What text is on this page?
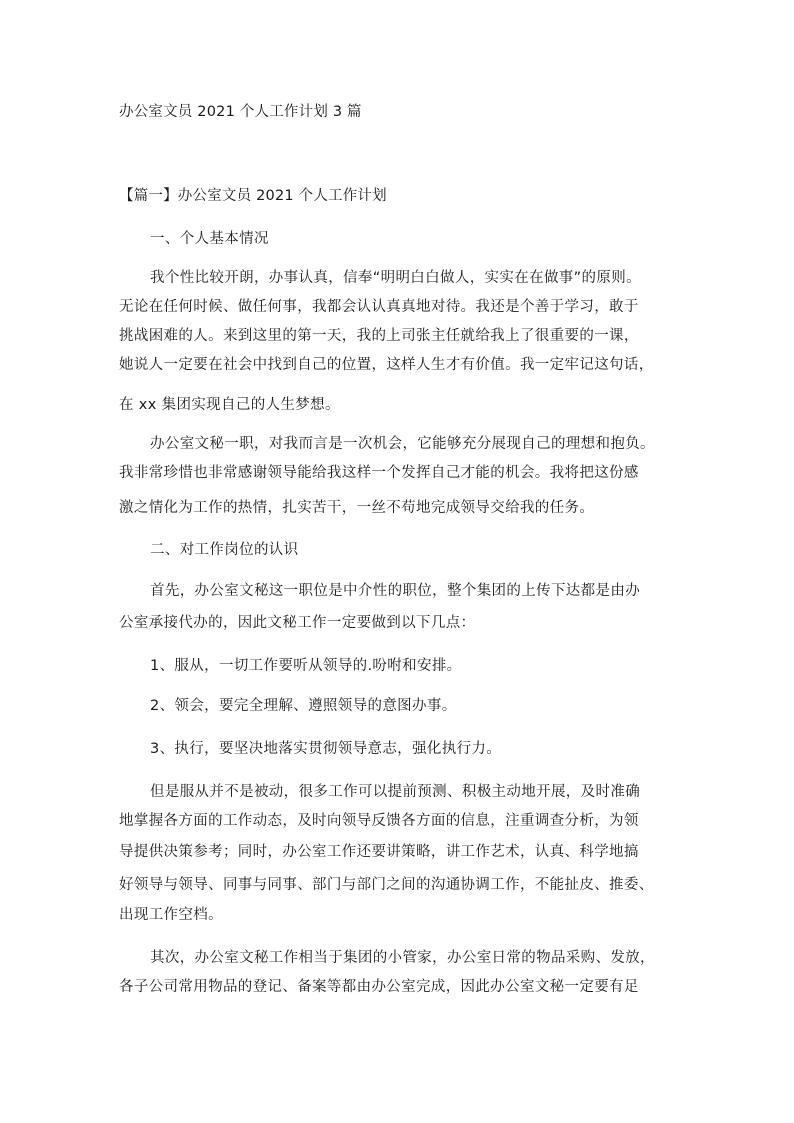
办公室文员 2021 个人工作计划 3 篇
【篇一】办公室文员 2021 个人工作计划
一、个人基本情况
我个性比较开朗，办事认真，信奉“明明白白做人，实实在在做事”的原则。
无论在任何时候、做任何事，我都会认认真真地对待。我还是个善于学习，敢于
挑战困难的人。来到这里的第一天，我的上司张主任就给我上了很重要的一课，
她说人一定要在社会中找到自己的位置，这样人生才有价值。我一定牢记这句话，
在 xx 集团实现自己的人生梦想。
办公室文秘一职，对我而言是一次机会，它能够充分展现自己的理想和抱负。
我非常珍惜也非常感谢领导能给我这样一个发挥自己才能的机会。我将把这份感
激之情化为工作的热情，扎实苦干，一丝不苟地完成领导交给我的任务。
二、对工作岗位的认识
首先，办公室文秘这一职位是中介性的职位，整个集团的上传下达都是由办
公室承接代办的，因此文秘工作一定要做到以下几点：
1、服从，一切工作要听从领导的.吩咐和安排。
2、领会，要完全理解、遵照领导的意图办事。
3、执行，要坚决地落实贯彻领导意志，强化执行力。
但是服从并不是被动，很多工作可以提前预测、积极主动地开展，及时准确
地掌握各方面的工作动态，及时向领导反馈各方面的信息，注重调查分析，为领
导提供决策参考；同时，办公室工作还要讲策略，讲工作艺术，认真、科学地搞
好领导与领导、同事与同事、部门与部门之间的沟通协调工作，不能扯皮、推委、
出现工作空档。
其次，办公室文秘工作相当于集团的小管家，办公室日常的物品采购、发放，
各子公司常用物品的登记、备案等都由办公室完成，因此办公室文秘一定要有足
